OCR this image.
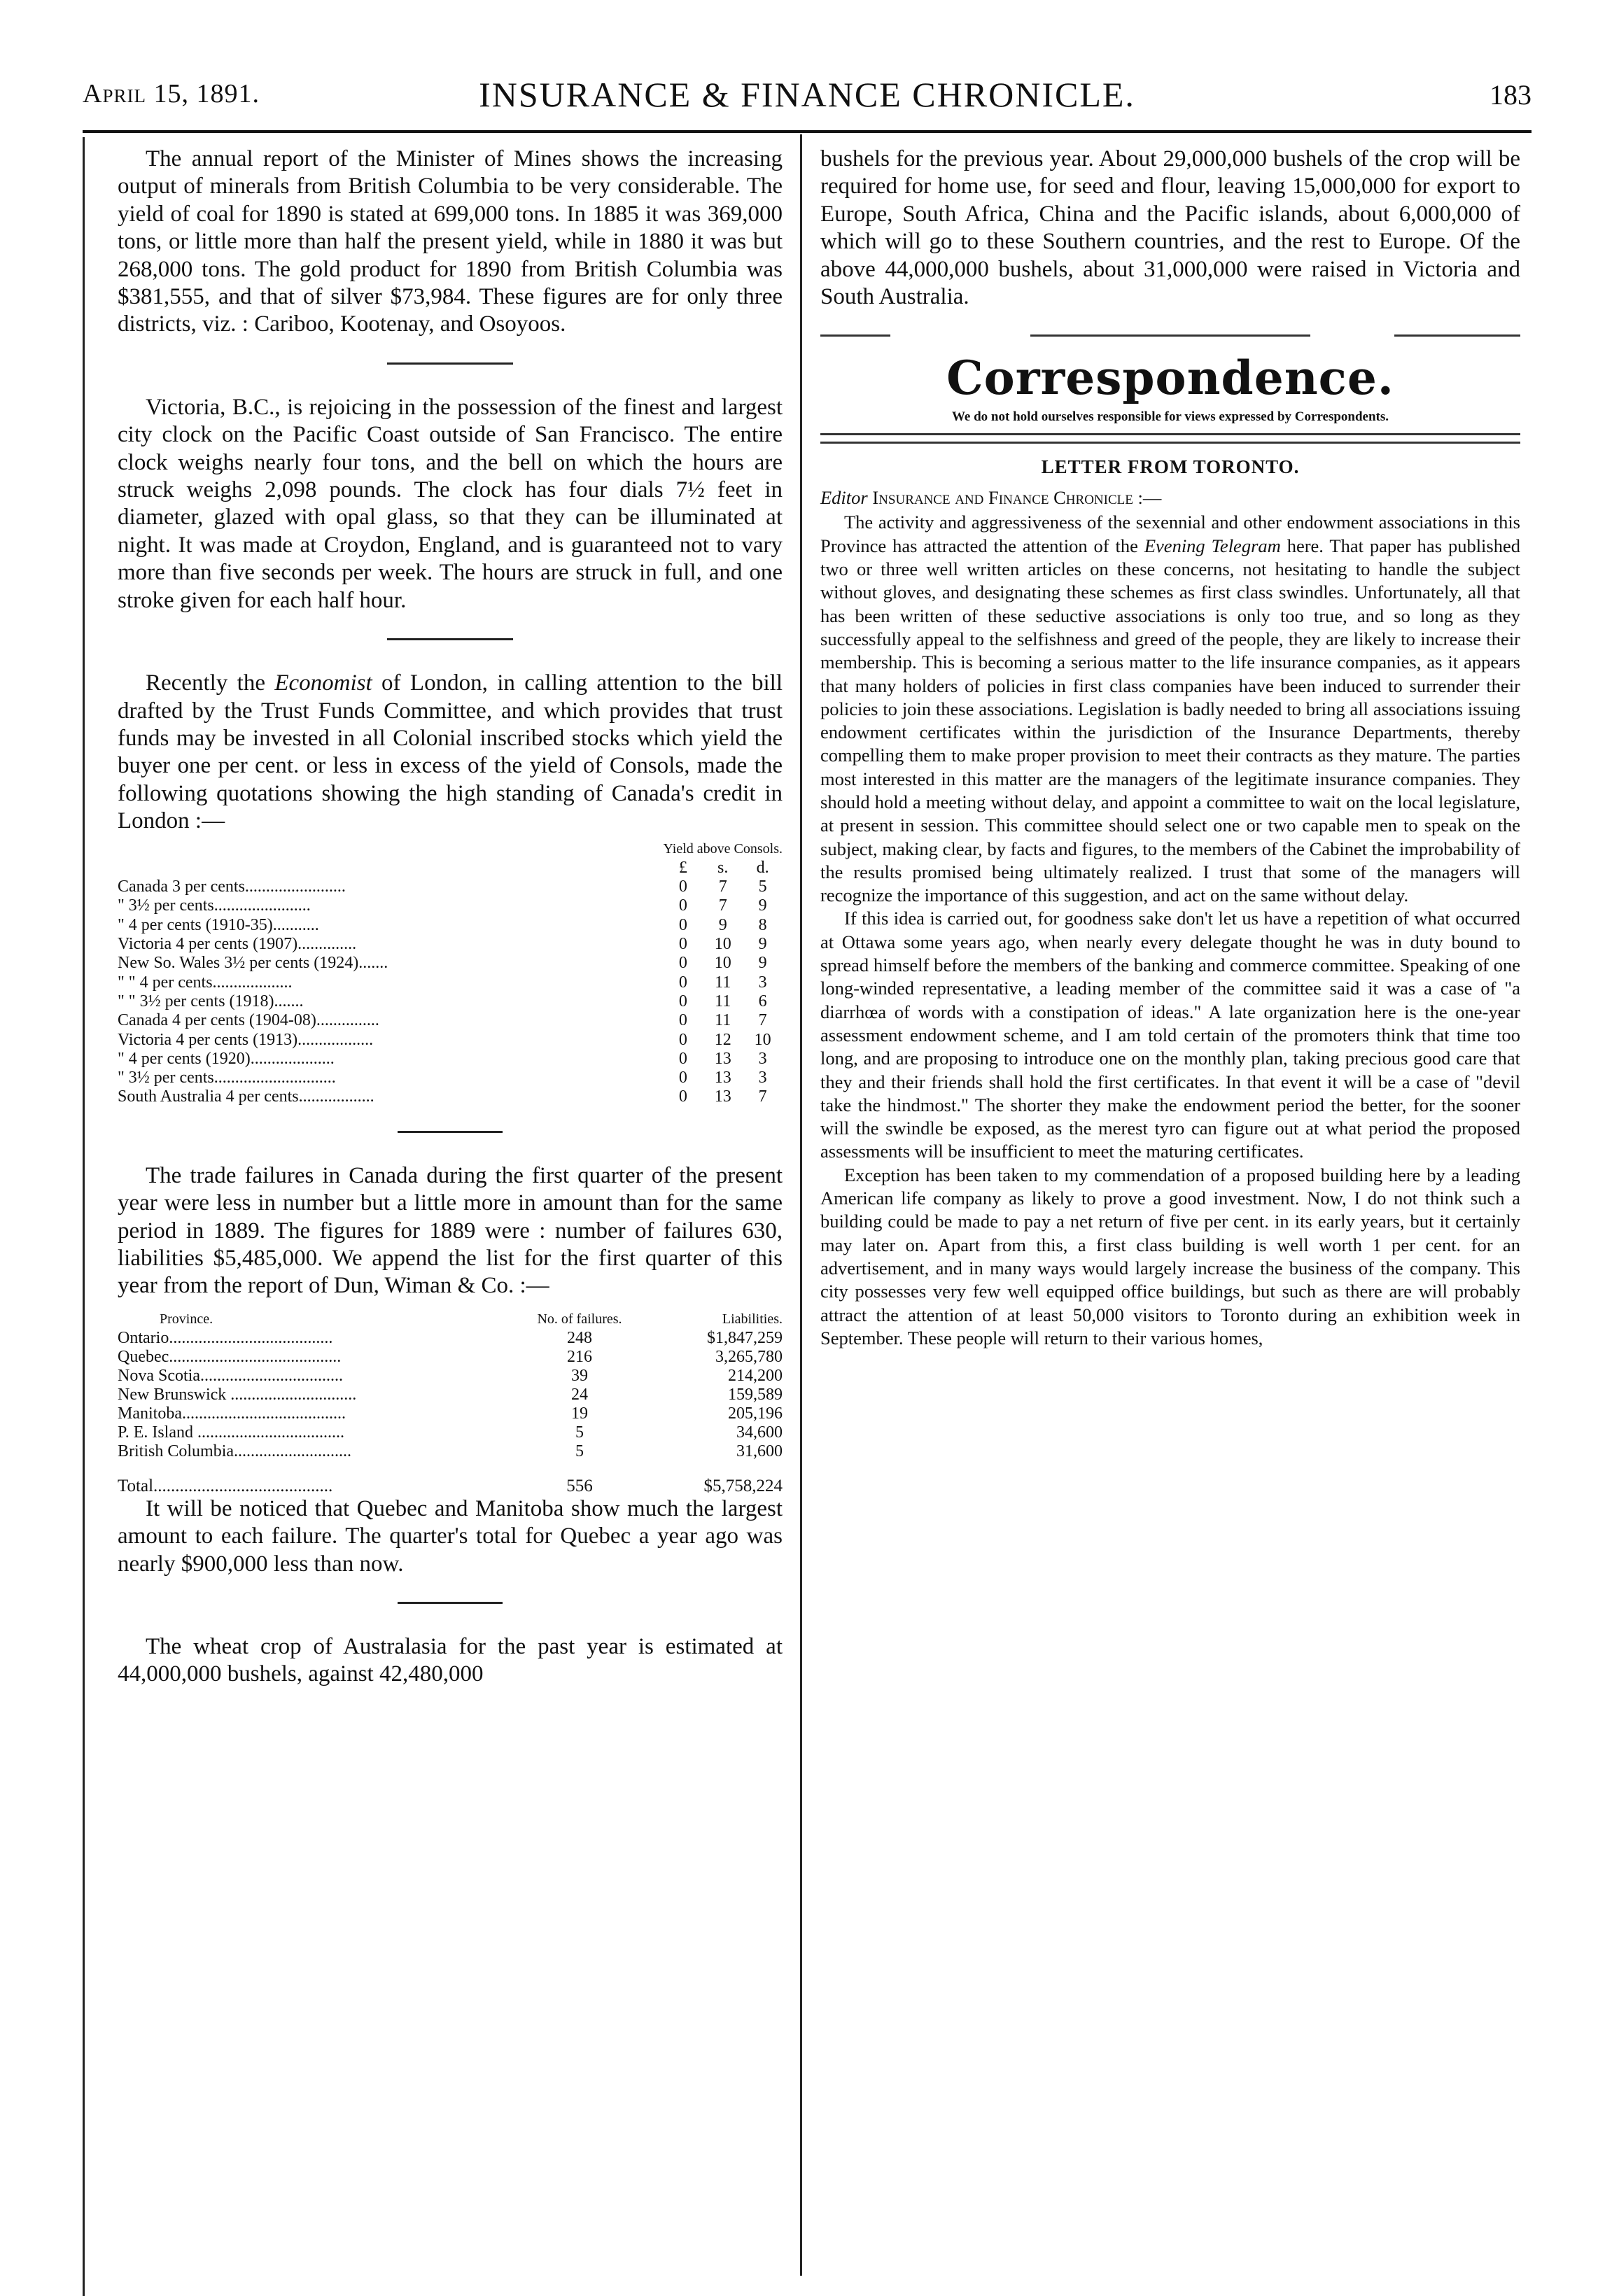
April 15, 1891.	INSURANCE & FINANCE CHRONICLE.	183

The annual report of the Minister of Mines shows the increasing output of minerals from British Columbia to be very considerable. The yield of coal for 1890 is stated at 699,000 tons. In 1885 it was 369,000 tons, or little more than half the present yield, while in 1880 it was but 268,000 tons. The gold product for 1890 from British Columbia was $381,555, and that of silver $73,984. These figures are for only three districts, viz. : Cariboo, Kootenay, and Osoyoos.

Victoria, B.C., is rejoicing in the possession of the finest and largest city clock on the Pacific Coast outside of San Francisco. The entire clock weighs nearly four tons, and the bell on which the hours are struck weighs 2,098 pounds. The clock has four dials 7½ feet in diameter, glazed with opal glass, so that they can be illuminated at night. It was made at Croydon, England, and is guaranteed not to vary more than five seconds per week. The hours are struck in full, and one stroke given for each half hour.

Recently the Economist of London, in calling attention to the bill drafted by the Trust Funds Committee, and which provides that trust funds may be invested in all Colonial inscribed stocks which yield the buyer one per cent. or less in excess of the yield of Consols, made the following quotations showing the high standing of Canada's credit in London :—

	Yield above Consols.		
	£	s.	d.
Canada 3 per cents........................	0	7	5
" 3½ per cents.......................	0	7	9
" 4 per cents (1910-35)...........	0	9	8
Victoria 4 per cents (1907)..............	0	10	9
New So. Wales 3½ per cents (1924).......	0	10	9
" " 4 per cents...................	0	11	3
" " 3½ per cents (1918).......	0	11	6
Canada 4 per cents (1904-08)...............	0	11	7
Victoria 4 per cents (1913)..................	0	12	10
" 4 per cents (1920)....................	0	13	3
" 3½ per cents.............................	0	13	3
South Australia 4 per cents..................	0	13	7

The trade failures in Canada during the first quarter of the present year were less in number but a little more in amount than for the same period in 1889. The figures for 1889 were : number of failures 630, liabilities $5,485,000. We append the list for the first quarter of this year from the report of Dun, Wiman & Co. :—

Province.	No. of failures.	Liabilities.
Ontario.......................................	248	$1,847,259
Quebec.........................................	216	3,265,780
Nova Scotia..................................	39	214,200
New Brunswick ..............................	24	159,589
Manitoba.......................................	19	205,196
P. E. Island ...................................	5	34,600
British Columbia............................	5	31,600
Total.........................................	556	$5,758,224

It will be noticed that Quebec and Manitoba show much the largest amount to each failure. The quarter's total for Quebec a year ago was nearly $900,000 less than now.

The wheat crop of Australasia for the past year is estimated at 44,000,000 bushels, against 42,480,000

bushels for the previous year. About 29,000,000 bushels of the crop will be required for home use, for seed and flour, leaving 15,000,000 for export to Europe, South Africa, China and the Pacific islands, about 6,000,000 of which will go to these Southern countries, and the rest to Europe. Of the above 44,000,000 bushels, about 31,000,000 were raised in Victoria and South Australia.

Correspondence.
We do not hold ourselves responsible for views expressed by Correspondents.
LETTER FROM TORONTO.
Editor Insurance and Finance Chronicle :—

The activity and aggressiveness of the sexennial and other endowment associations in this Province has attracted the attention of the Evening Telegram here. That paper has published two or three well written articles on these concerns, not hesitating to handle the subject without gloves, and designating these schemes as first class swindles. Unfortunately, all that has been written of these seductive associations is only too true, and so long as they successfully appeal to the selfishness and greed of the people, they are likely to increase their membership. This is becoming a serious matter to the life insurance companies, as it appears that many holders of policies in first class companies have been induced to surrender their policies to join these associations. Legislation is badly needed to bring all associations issuing endowment certificates within the jurisdiction of the Insurance Departments, thereby compelling them to make proper provision to meet their contracts as they mature. The parties most interested in this matter are the managers of the legitimate insurance companies. They should hold a meeting without delay, and appoint a committee to wait on the local legislature, at present in session. This committee should select one or two capable men to speak on the subject, making clear, by facts and figures, to the members of the Cabinet the improbability of the results promised being ultimately realized. I trust that some of the managers will recognize the importance of this suggestion, and act on the same without delay.

If this idea is carried out, for goodness sake don't let us have a repetition of what occurred at Ottawa some years ago, when nearly every delegate thought he was in duty bound to spread himself before the members of the banking and commerce committee. Speaking of one long-winded representative, a leading member of the committee said it was a case of "a diarrhœa of words with a constipation of ideas." A late organization here is the one-year assessment endowment scheme, and I am told certain of the promoters think that time too long, and are proposing to introduce one on the monthly plan, taking precious good care that they and their friends shall hold the first certificates. In that event it will be a case of "devil take the hindmost." The shorter they make the endowment period the better, for the sooner will the swindle be exposed, as the merest tyro can figure out at what period the proposed assessments will be insufficient to meet the maturing certificates.

Exception has been taken to my commendation of a proposed building here by a leading American life company as likely to prove a good investment. Now, I do not think such a building could be made to pay a net return of five per cent. in its early years, but it certainly may later on. Apart from this, a first class building is well worth 1 per cent. for an advertisement, and in many ways would largely increase the business of the company. This city possesses very few well equipped office buildings, but such as there are will probably attract the attention of at least 50,000 visitors to Toronto during an exhibition week in September. These people will return to their various homes,
